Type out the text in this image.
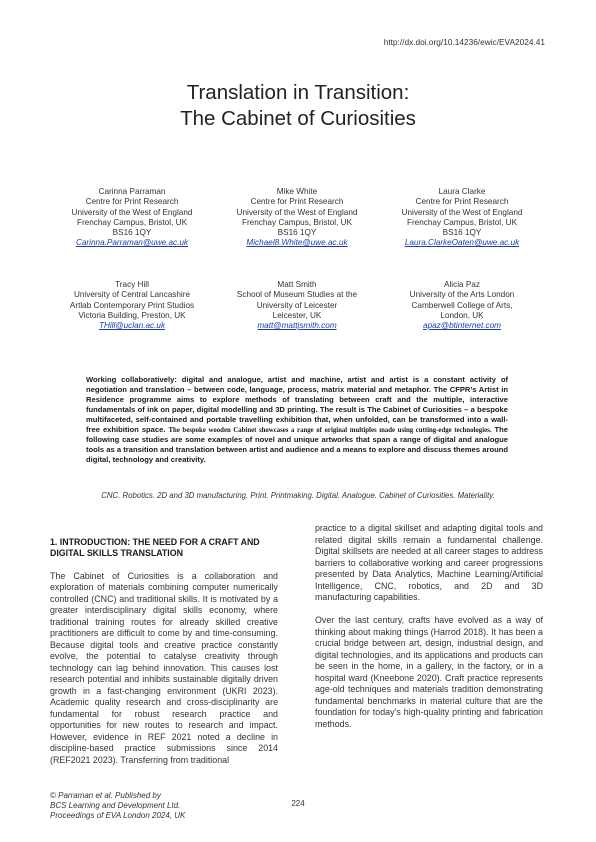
http://dx.doi.org/10.14236/ewic/EVA2024.41
Translation in Transition:
The Cabinet of Curiosities
Carinna Parraman
Centre for Print Research
University of the West of England
Frenchay Campus, Bristol, UK
BS16 1QY
Carinna.Parraman@uwe.ac.uk
Mike White
Centre for Print Research
University of the West of England
Frenchay Campus, Bristol, UK
BS16 1QY
Michael8.White@uwe.ac.uk
Laura Clarke
Centre for Print Research
University of the West of England
Frenchay Campus, Bristol, UK
BS16 1QY
Laura.ClarkeOaten@uwe.ac.uk
Tracy Hill
University of Central Lancashire
Artlab Contemporary Print Studios
Victoria Building, Preston, UK
THill@uclan.ac.uk
Matt Smith
School of Museum Studies at the
University of Leicester
Leicester, UK
matt@mattjsmith.com
Alicia Paz
University of the Arts London
Camberwell College of Arts,
London, UK
apaz@btinternet.com
Working collaboratively: digital and analogue, artist and machine, artist and artist is a constant activity of negotiation and translation – between code, language, process, matrix material and metaphor. The CFPR’s Artist in Residence programme aims to explore methods of translating between craft and the multiple, interactive fundamentals of ink on paper, digital modelling and 3D printing. The result is The Cabinet of Curiosities – a bespoke multifaceted, self-contained and portable travelling exhibition that, when unfolded, can be transformed into a wall-free exhibition space. The bespoke wooden Cabinet showcases a range of original multiples made using cutting-edge technologies. The following case studies are some examples of novel and unique artworks that span a range of digital and analogue tools as a transition and translation between artist and audience and a means to explore and discuss themes around digital, technology and creativity.
CNC. Robotics. 2D and 3D manufacturing. Print. Printmaking. Digital. Analogue. Cabinet of Curiosities. Materiality.
1. INTRODUCTION: THE NEED FOR A CRAFT AND DIGITAL SKILLS TRANSLATION

The Cabinet of Curiosities is a collaboration and exploration of materials combining computer numerically controlled (CNC) and traditional skills. It is motivated by a greater interdisciplinary digital skills economy, where traditional training routes for already skilled creative practitioners are difficult to come by and time-consuming. Because digital tools and creative practice constantly evolve, the potential to catalyse creativity through technology can lag behind innovation. This causes lost research potential and inhibits sustainable digitally driven growth in a fast-changing environment (UKRI 2023). Academic quality research and cross-disciplinarity are fundamental for robust research practice and opportunities for new routes to research and impact. However, evidence in REF 2021 noted a decline in discipline-based practice submissions since 2014 (REF2021 2023). Transferring from traditional

practice to a digital skillset and adapting digital tools and related digital skills remain a fundamental challenge. Digital skillsets are needed at all career stages to address barriers to collaborative working and career progressions presented by Data Analytics, Machine Learning/Artificial Intelligence, CNC, robotics, and 2D and 3D manufacturing capabilities.

Over the last century, crafts have evolved as a way of thinking about making things (Harrod 2018). It has been a crucial bridge between art, design, industrial design, and digital technologies, and its applications and products can be seen in the home, in a gallery, in the factory, or in a hospital ward (Kneebone 2020). Craft practice represents age-old techniques and materials tradition demonstrating fundamental benchmarks in material culture that are the foundation for today’s high-quality printing and fabrication methods.

© Parraman et al. Published by
BCS Learning and Development Ltd.
Proceedings of EVA London 2024, UK
224
